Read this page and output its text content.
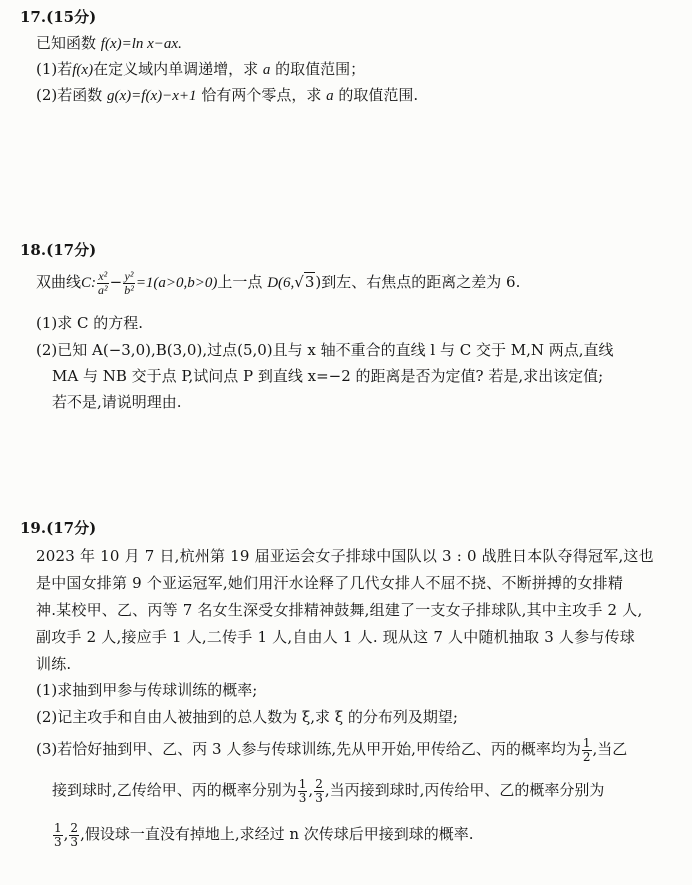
17.(15分)
已知函数 f(x)=ln x−ax.
(1)若f(x)在定义域内单调递增，求 a 的取值范围；
(2)若函数 g(x)=f(x)−x+1 恰有两个零点，求 a 的取值范围.
18.(17分)
双曲线C: $\frac{\text{x²}}{\text{a²}} - \frac{\text{y²}}{\text{b²}} =1(a>0,b>0)$上一点 D(6,√3)到左、右焦点的距离之差为 6.
(1)求 C 的方程.
(2)已知 A(−3,0),B(3,0),过点(5,0)且与 x 轴不重合的直线 l 与 C 交于 M,N 两点,直线
MA 与 NB 交于点 P,试问点 P 到直线 x=−2 的距离是否为定值? 若是,求出该定值;
若不是,请说明理由.
19.(17分)
2023 年 10 月 7 日,杭州第 19 届亚运会女子排球中国队以 3 : 0 战胜日本队夺得冠军,这也
是中国女排第 9 个亚运冠军,她们用汗水诠释了几代女排人不屈不挠、不断拼搏的女排精
神.某校甲、乙、丙等 7 名女生深受女排精神鼓舞,组建了一支女子排球队,其中主攻手 2 人,
副攻手 2 人,接应手 1 人,二传手 1 人,自由人 1 人. 现从这 7 人中随机抽取 3 人参与传球
训练.
(1)求抽到甲参与传球训练的概率;
(2)记主攻手和自由人被抽到的总人数为 ξ,求 ξ 的分布列及期望;
(3)若恰好抽到甲、乙、丙 3 人参与传球训练,先从甲开始,甲传给乙、丙的概率均为 $\frac{1}{2}$ ,当乙
接到球时,乙传给甲、丙的概率分别为 $\frac{1}{3}$ , $\frac{2}{3}$ ,当丙接到球时,丙传给甲、乙的概率分别为
$\frac{1}{3}$ , $\frac{2}{3}$ ,假设球一直没有掉地上,求经过 n 次传球后甲接到球的概率.
